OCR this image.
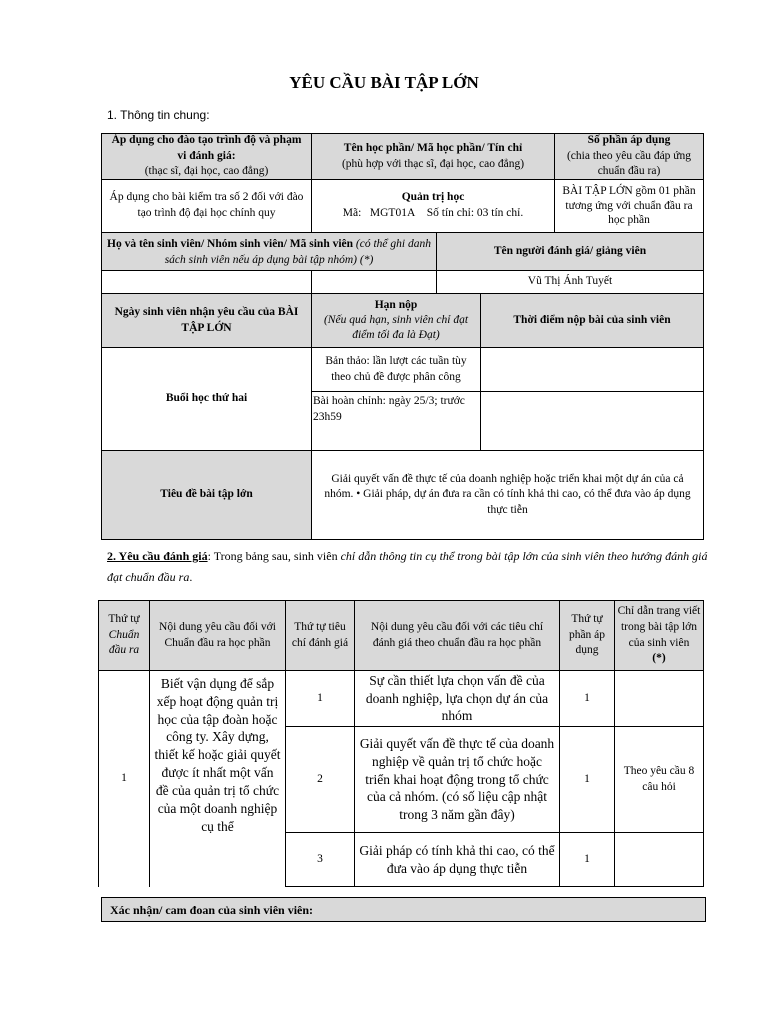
YÊU CẦU BÀI TẬP LỚN
1. Thông tin chung:
Áp dụng cho đào tạo trình độ và phạm vi đánh giá:
(thạc sĩ, đại học, cao đẳng)
Tên học phần/ Mã học phần/ Tín chỉ
(phù hợp với thạc sĩ, đại học, cao đẳng)
Số phần áp dụng
(chia theo yêu cầu đáp ứng chuẩn đầu ra)
Áp dụng cho bài kiểm tra số 2 đối với đào tạo trình độ đại học chính quy
Quản trị học
Mã: MGT01A Số tín chỉ: 03 tín chỉ.
BÀI TẬP LỚN gồm 01 phần tương ứng với chuẩn đầu ra học phần
Họ và tên sinh viên/ Nhóm sinh viên/ Mã sinh viên (có thể ghi danh sách sinh viên nếu áp dụng bài tập nhóm) (*)
Tên người đánh giá/ giảng viên
Vũ Thị Ánh Tuyết
Ngày sinh viên nhận yêu cầu của BÀI TẬP LỚN
Hạn nộp
(Nếu quá hạn, sinh viên chỉ đạt điểm tối đa là Đạt)
Thời điểm nộp bài của sinh viên
Buổi học thứ hai
Bản thảo: lần lượt các tuần tùy theo chủ đề được phân công
Bài hoàn chỉnh: ngày 25/3; trước 23h59
Tiêu đề bài tập lớn
Giải quyết vấn đề thực tế của doanh nghiệp hoặc triển khai một dự án của cả nhóm. • Giải pháp, dự án đưa ra cần có tính khả thi cao, có thể đưa vào áp dụng thực tiễn
2. Yêu cầu đánh giá: Trong bảng sau, sinh viên chỉ dẫn thông tin cụ thể trong bài tập lớn của sinh viên theo hướng đánh giá đạt chuẩn đầu ra.
Thứ tự
Chuẩn đầu ra
Nội dung yêu cầu đối với Chuẩn đầu ra học phần
Thứ tự tiêu chí đánh giá
Nội dung yêu cầu đối với các tiêu chí đánh giá theo chuẩn đầu ra học phần
Thứ tự phần áp dụng
Chỉ dẫn trang viết trong bài tập lớn của sinh viên
(*)
1
Biết vận dụng để sắp xếp hoạt động quản trị học của tập đoàn hoặc công ty. Xây dựng, thiết kế hoặc giải quyết được ít nhất một vấn đề của quản trị tổ chức của một doanh nghiệp cụ thể
1
Sự cần thiết lựa chọn vấn đề của doanh nghiệp, lựa chọn dự án của nhóm
1
2
Giải quyết vấn đề thực tế của doanh nghiệp về quản trị tổ chức hoặc triển khai hoạt động trong tổ chức của cả nhóm. (có số liệu cập nhật trong 3 năm gần đây)
1
3
Giải pháp có tính khả thi cao, có thể đưa vào áp dụng thực tiễn
1
Theo yêu cầu 8 câu hỏi
Xác nhận/ cam đoan của sinh viên viên:
